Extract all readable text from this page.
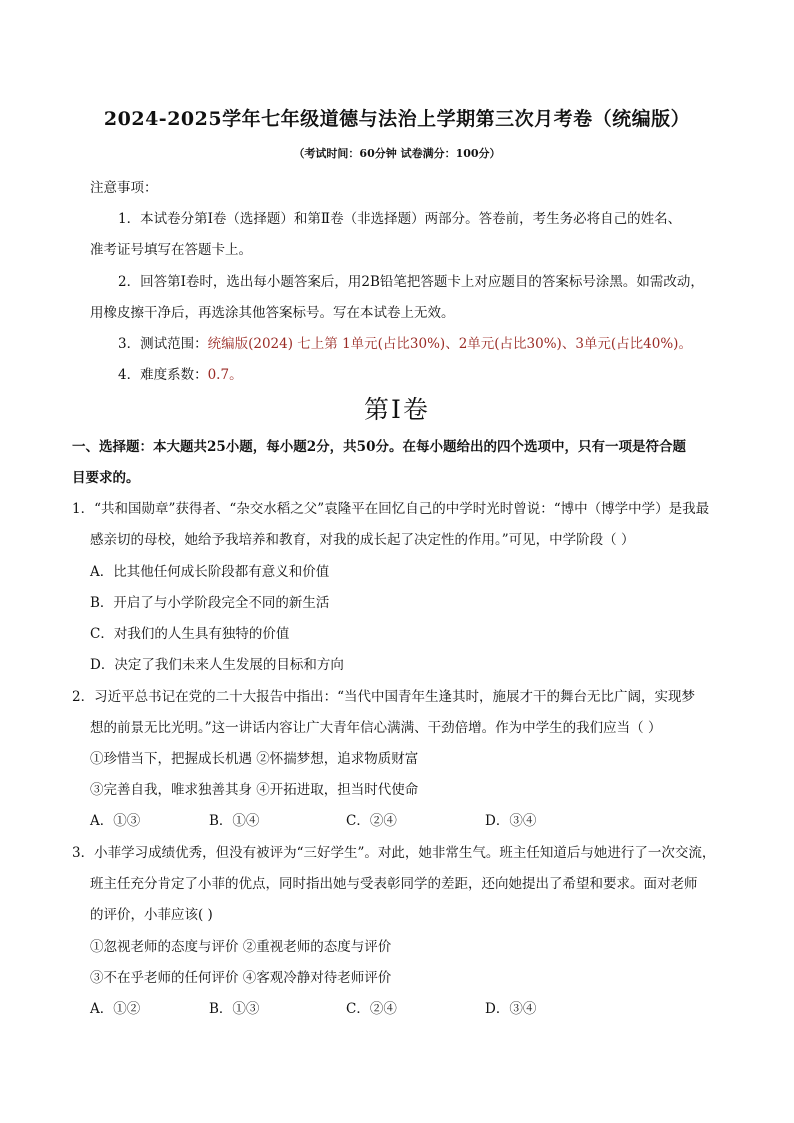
2024-2025学年七年级道德与法治上学期第三次月考卷（统编版）
（考试时间：60分钟 试卷满分：100分）
注意事项：
1．本试卷分第Ⅰ卷（选择题）和第Ⅱ卷（非选择题）两部分。答卷前，考生务必将自己的姓名、
准考证号填写在答题卡上。
2．回答第Ⅰ卷时，选出每小题答案后，用2B铅笔把答题卡上对应题目的答案标号涂黑。如需改动，
用橡皮擦干净后，再选涂其他答案标号。写在本试卷上无效。
3．测试范围：统编版(2024) 七上第 1单元(占比30%)、2单元(占比30%)、3单元(占比40%)。
4．难度系数：0.7。
第Ⅰ卷
一、选择题：本大题共25小题，每小题2分，共50分。在每小题给出的四个选项中，只有一项是符合题
目要求的。
1．“共和国勋章”获得者、“杂交水稻之父”袁隆平在回忆自己的中学时光时曾说：“博中（博学中学）是我最
感亲切的母校，她给予我培养和教育，对我的成长起了决定性的作用。”可见，中学阶段（ ）
A．比其他任何成长阶段都有意义和价值
B．开启了与小学阶段完全不同的新生活
C．对我们的人生具有独特的价值
D．决定了我们未来人生发展的目标和方向
2．习近平总书记在党的二十大报告中指出：“当代中国青年生逢其时，施展才干的舞台无比广阔，实现梦
想的前景无比光明。”这一讲话内容让广大青年信心满满、干劲倍增。作为中学生的我们应当（ ）
①珍惜当下，把握成长机遇 ②怀揣梦想，追求物质财富
③完善自我，唯求独善其身 ④开拓进取，担当时代使命
A．①③	B．①④	C．②④	D．③④
3．小菲学习成绩优秀，但没有被评为“三好学生”。对此，她非常生气。班主任知道后与她进行了一次交流，
班主任充分肯定了小菲的优点，同时指出她与受表彰同学的差距，还向她提出了希望和要求。面对老师
的评价，小菲应该( )
①忽视老师的态度与评价 ②重视老师的态度与评价
③不在乎老师的任何评价 ④客观冷静对待老师评价
A．①②	B．①③	C．②④	D．③④
